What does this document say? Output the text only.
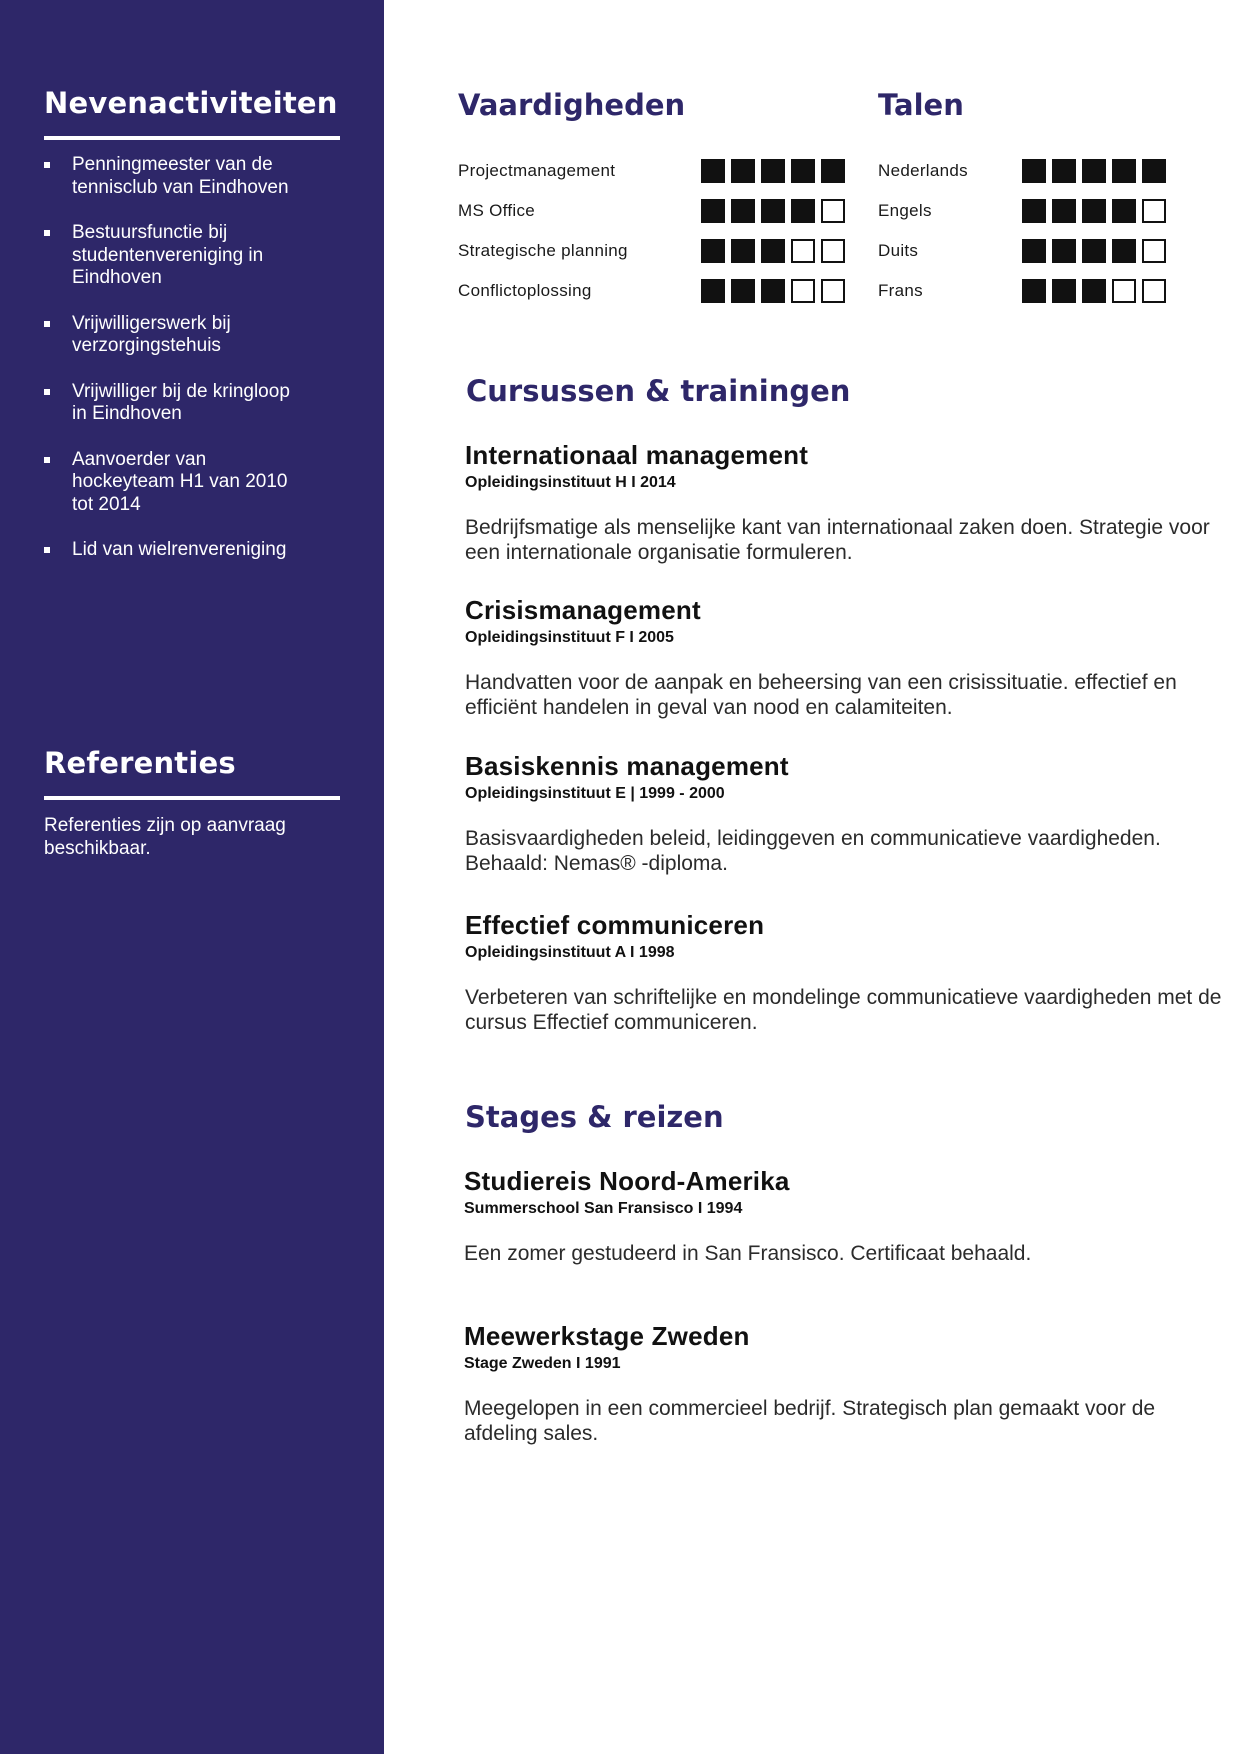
Nevenactiviteiten
Penningmeester van de tennisclub van Eindhoven
Bestuursfunctie bij studentenvereniging in Eindhoven
Vrijwilligerswerk bij verzorgingstehuis
Vrijwilliger bij de kringloop in Eindhoven
Aanvoerder van hockeyteam H1 van 2010 tot 2014
Lid van wielrenvereniging
Referenties

Referenties zijn op aanvraag beschikbaar.

Vaardigheden
Projectmanagement
MS Office
Strategische planning
Conflictoplossing
Talen
Nederlands
Engels
Duits
Frans
Cursussen & trainingen
Internationaal management
Opleidingsinstituut H I 2014
Bedrijfsmatige als menselijke kant van internationaal zaken doen. Strategie voor een internationale organisatie formuleren.
Crisismanagement
Opleidingsinstituut F I 2005
Handvatten voor de aanpak en beheersing van een crisissituatie. effectief en efficiënt handelen in geval van nood en calamiteiten.
Basiskennis management
Opleidingsinstituut E | 1999 - 2000
Basisvaardigheden beleid, leidinggeven en communicatieve vaardigheden. Behaald: Nemas® -diploma.
Effectief communiceren
Opleidingsinstituut A I 1998
Verbeteren van schriftelijke en mondelinge communicatieve vaardigheden met de cursus Effectief communiceren.
Stages & reizen
Studiereis Noord-Amerika
Summerschool San Fransisco I 1994
Een zomer gestudeerd in San Fransisco. Certificaat behaald.
Meewerkstage Zweden
Stage Zweden I 1991
Meegelopen in een commercieel bedrijf. Strategisch plan gemaakt voor de afdeling sales.
